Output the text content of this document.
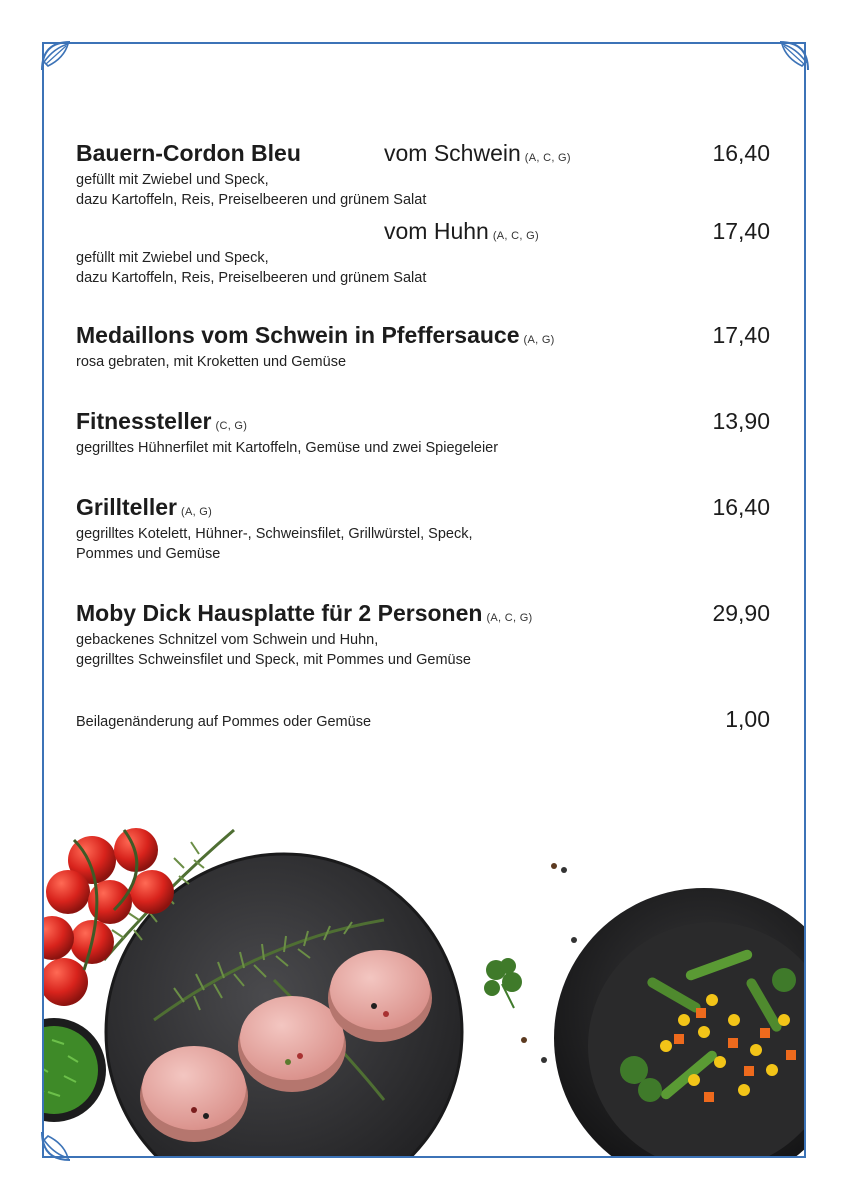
Bauern-Cordon Bleu	vom Schwein (A, C, G)	16,40
gefüllt mit Zwiebel und Speck,
dazu Kartoffeln, Reis, Preiselbeeren und grünem Salat
vom Huhn (A, C, G)	17,40
gefüllt mit Zwiebel und Speck,
dazu Kartoffeln, Reis, Preiselbeeren und grünem Salat
Medaillons vom Schwein in Pfeffersauce (A, G)	17,40
rosa gebraten, mit Kroketten und Gemüse
Fitnessteller (C, G)	13,90
gegrilltes Hühnerfilet mit Kartoffeln, Gemüse und zwei Spiegeleier
Grillteller (A, G)	16,40
gegrilltes Kotelett, Hühner-, Schweinsfilet, Grillwürstel, Speck,
Pommes und Gemüse
Moby Dick Hausplatte für 2 Personen (A, C, G)	29,90
gebackenes Schnitzel vom Schwein und Huhn,
gegrilltes Schweinsfilet und Speck, mit Pommes und Gemüse
Beilagenänderung auf Pommes oder Gemüse	1,00
